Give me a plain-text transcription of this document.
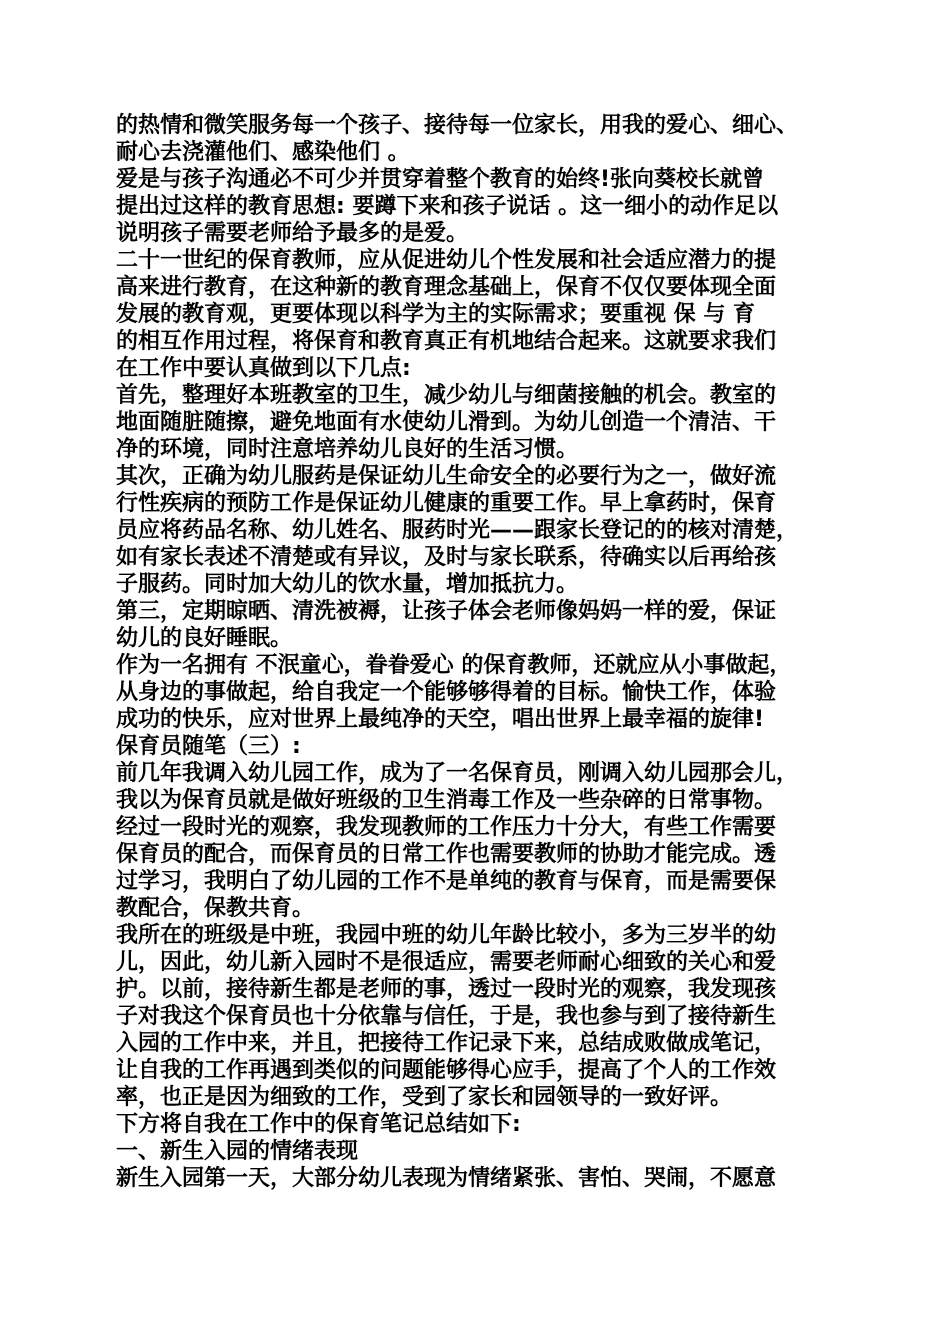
的热情和微笑服务每一个孩子、接待每一位家长，用我的爱心、细心、
耐心去浇灌他们、感染他们 。
爱是与孩子沟通必不可少并贯穿着整个教育的始终!张向葵校长就曾
提出过这样的教育思想: 要蹲下来和孩子说话 。这一细小的动作足以
说明孩子需要老师给予最多的是爱。
二十一世纪的保育教师，应从促进幼儿个性发展和社会适应潜力的提
高来进行教育，在这种新的教育理念基础上，保育不仅仅要体现全面
发展的教育观，更要体现以科学为主的实际需求；要重视 保 与 育
的相互作用过程，将保育和教育真正有机地结合起来。这就要求我们
在工作中要认真做到以下几点:
首先，整理好本班教室的卫生，减少幼儿与细菌接触的机会。教室的
地面随脏随擦，避免地面有水使幼儿滑到。为幼儿创造一个清洁、干
净的环境，同时注意培养幼儿良好的生活习惯。
其次，正确为幼儿服药是保证幼儿生命安全的必要行为之一，做好流
行性疾病的预防工作是保证幼儿健康的重要工作。早上拿药时，保育
员应将药品名称、幼儿姓名、服药时光——跟家长登记的的核对清楚，
如有家长表述不清楚或有异议，及时与家长联系，待确实以后再给孩
子服药。同时加大幼儿的饮水量，增加抵抗力。
第三，定期晾晒、清洗被褥，让孩子体会老师像妈妈一样的爱，保证
幼儿的良好睡眠。
作为一名拥有 不泯童心，眷眷爱心 的保育教师，还就应从小事做起，
从身边的事做起，给自我定一个能够够得着的目标。愉快工作，体验
成功的快乐，应对世界上最纯净的天空，唱出世界上最幸福的旋律!
保育员随笔（三）:
前几年我调入幼儿园工作，成为了一名保育员，刚调入幼儿园那会儿，
我以为保育员就是做好班级的卫生消毒工作及一些杂碎的日常事物。
经过一段时光的观察，我发现教师的工作压力十分大，有些工作需要
保育员的配合，而保育员的日常工作也需要教师的协助才能完成。透
过学习，我明白了幼儿园的工作不是单纯的教育与保育，而是需要保
教配合，保教共育。
我所在的班级是中班，我园中班的幼儿年龄比较小，多为三岁半的幼
儿，因此，幼儿新入园时不是很适应，需要老师耐心细致的关心和爱
护。以前，接待新生都是老师的事，透过一段时光的观察，我发现孩
子对我这个保育员也十分依靠与信任，于是，我也参与到了接待新生
入园的工作中来，并且，把接待工作记录下来，总结成败做成笔记，
让自我的工作再遇到类似的问题能够得心应手，提高了个人的工作效
率，也正是因为细致的工作，受到了家长和园领导的一致好评。
下方将自我在工作中的保育笔记总结如下:
一、新生入园的情绪表现
新生入园第一天，大部分幼儿表现为情绪紧张、害怕、哭闹，不愿意
